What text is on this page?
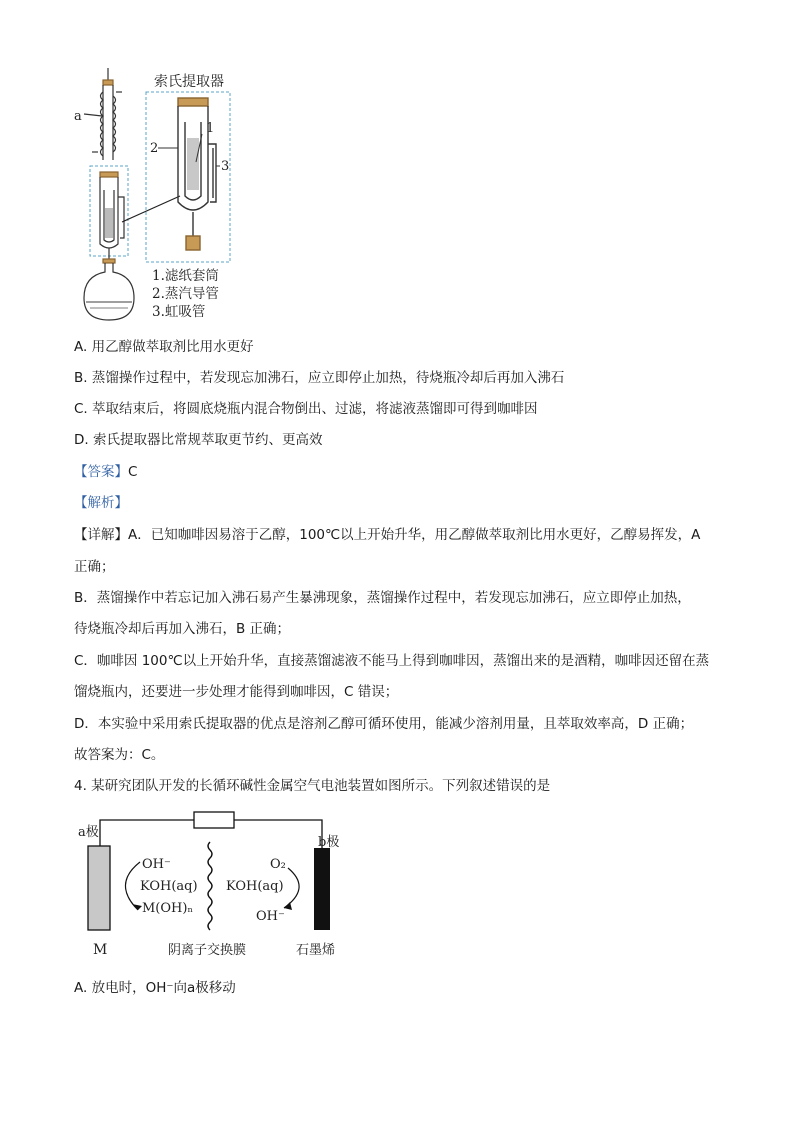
a
索氏提取器
1
2
3
1.滤纸套筒
2.蒸汽导管
3.虹吸管
A. 用乙醇做萃取剂比用水更好
B. 蒸馏操作过程中，若发现忘加沸石，应立即停止加热，待烧瓶冷却后再加入沸石
C. 萃取结束后，将圆底烧瓶内混合物倒出、过滤，将滤液蒸馏即可得到咖啡因
D. 索氏提取器比常规萃取更节约、更高效
【答案】C
【解析】
【详解】A．已知咖啡因易溶于乙醇，100℃以上开始升华，用乙醇做萃取剂比用水更好，乙醇易挥发，A
正确；
B．蒸馏操作中若忘记加入沸石易产生暴沸现象，蒸馏操作过程中，若发现忘加沸石，应立即停止加热，
待烧瓶冷却后再加入沸石，B 正确；
C．咖啡因 100℃以上开始升华，直接蒸馏滤液不能马上得到咖啡因，蒸馏出来的是酒精，咖啡因还留在蒸
馏烧瓶内，还要进一步处理才能得到咖啡因，C 错误；
D．本实验中采用索氏提取器的优点是溶剂乙醇可循环使用，能减少溶剂用量，且萃取效率高，D 正确；
故答案为：C。
4. 某研究团队开发的长循环碱性金属空气电池装置如图所示。下列叙述错误的是
a极
b极
OH⁻
KOH(aq)
M(OH)ₙ
O₂
KOH(aq)
OH⁻
M	阴离子交换膜	石墨烯
A. 放电时，OH⁻向a极移动
